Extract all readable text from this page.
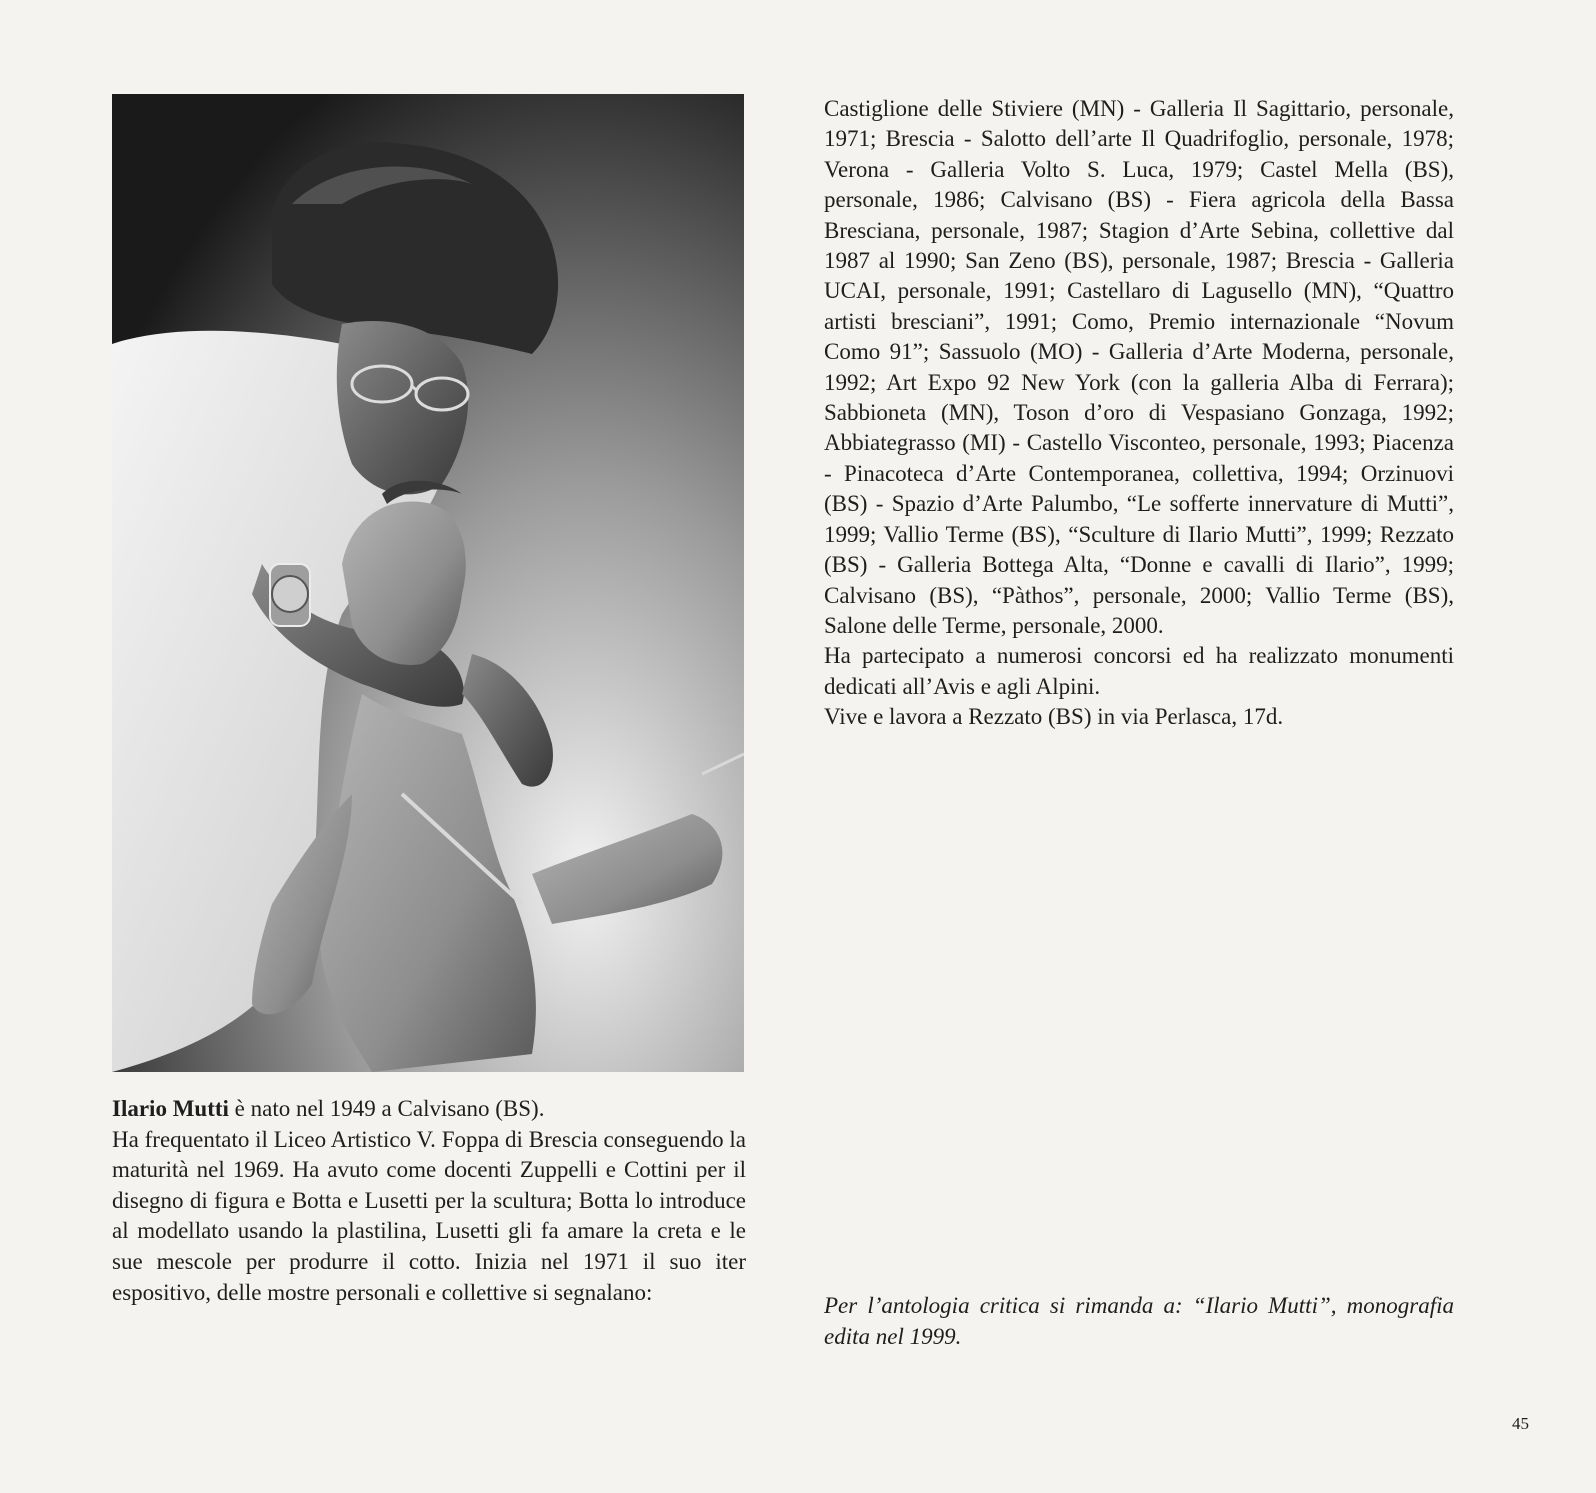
Ilario Mutti è nato nel 1949 a Calvisano (BS).

Ha frequentato il Liceo Artistico V. Foppa di Brescia conseguendo la maturità nel 1969. Ha avuto come docenti Zuppelli e Cottini per il disegno di figura e Botta e Lusetti per la scultura; Botta lo introduce al modellato usando la plastilina, Lusetti gli fa amare la creta e le sue mescole per produrre il cotto. Inizia nel 1971 il suo iter espositivo, delle mostre personali e collettive si segnalano:

Castiglione delle Stiviere (MN) - Galleria Il Sagittario, personale, 1971; Brescia - Salotto dell’arte Il Quadrifoglio, personale, 1978; Verona - Galleria Volto S. Luca, 1979; Castel Mella (BS), personale, 1986; Calvisano (BS) - Fiera agricola della Bassa Bresciana, personale, 1987; Stagion d’Arte Sebina, collettive dal 1987 al 1990; San Zeno (BS), personale, 1987; Brescia - Galleria UCAI, personale, 1991; Castellaro di Lagusello (MN), “Quattro artisti bresciani”, 1991; Como, Premio internazionale “Novum Como 91”; Sassuolo (MO) - Galleria d’Arte Moderna, personale, 1992; Art Expo 92 New York (con la galleria Alba di Ferrara); Sabbioneta (MN), Toson d’oro di Vespasiano Gonzaga, 1992; Abbiategrasso (MI) - Castello Visconteo, personale, 1993; Piacenza - Pinacoteca d’Arte Contemporanea, collettiva, 1994; Orzinuovi (BS) - Spazio d’Arte Palumbo, “Le sofferte innervature di Mutti”, 1999; Vallio Terme (BS), “Sculture di Ilario Mutti”, 1999; Rezzato (BS) - Galleria Bottega Alta, “Donne e cavalli di Ilario”, 1999; Calvisano (BS), “Pàthos”, personale, 2000; Vallio Terme (BS), Salone delle Terme, personale, 2000.

Ha partecipato a numerosi concorsi ed ha realizzato monumenti dedicati all’Avis e agli Alpini.

Vive e lavora a Rezzato (BS) in via Perlasca, 17d.

Per l’antologia critica si rimanda a: “Ilario Mutti”, monografia edita nel 1999.
45
